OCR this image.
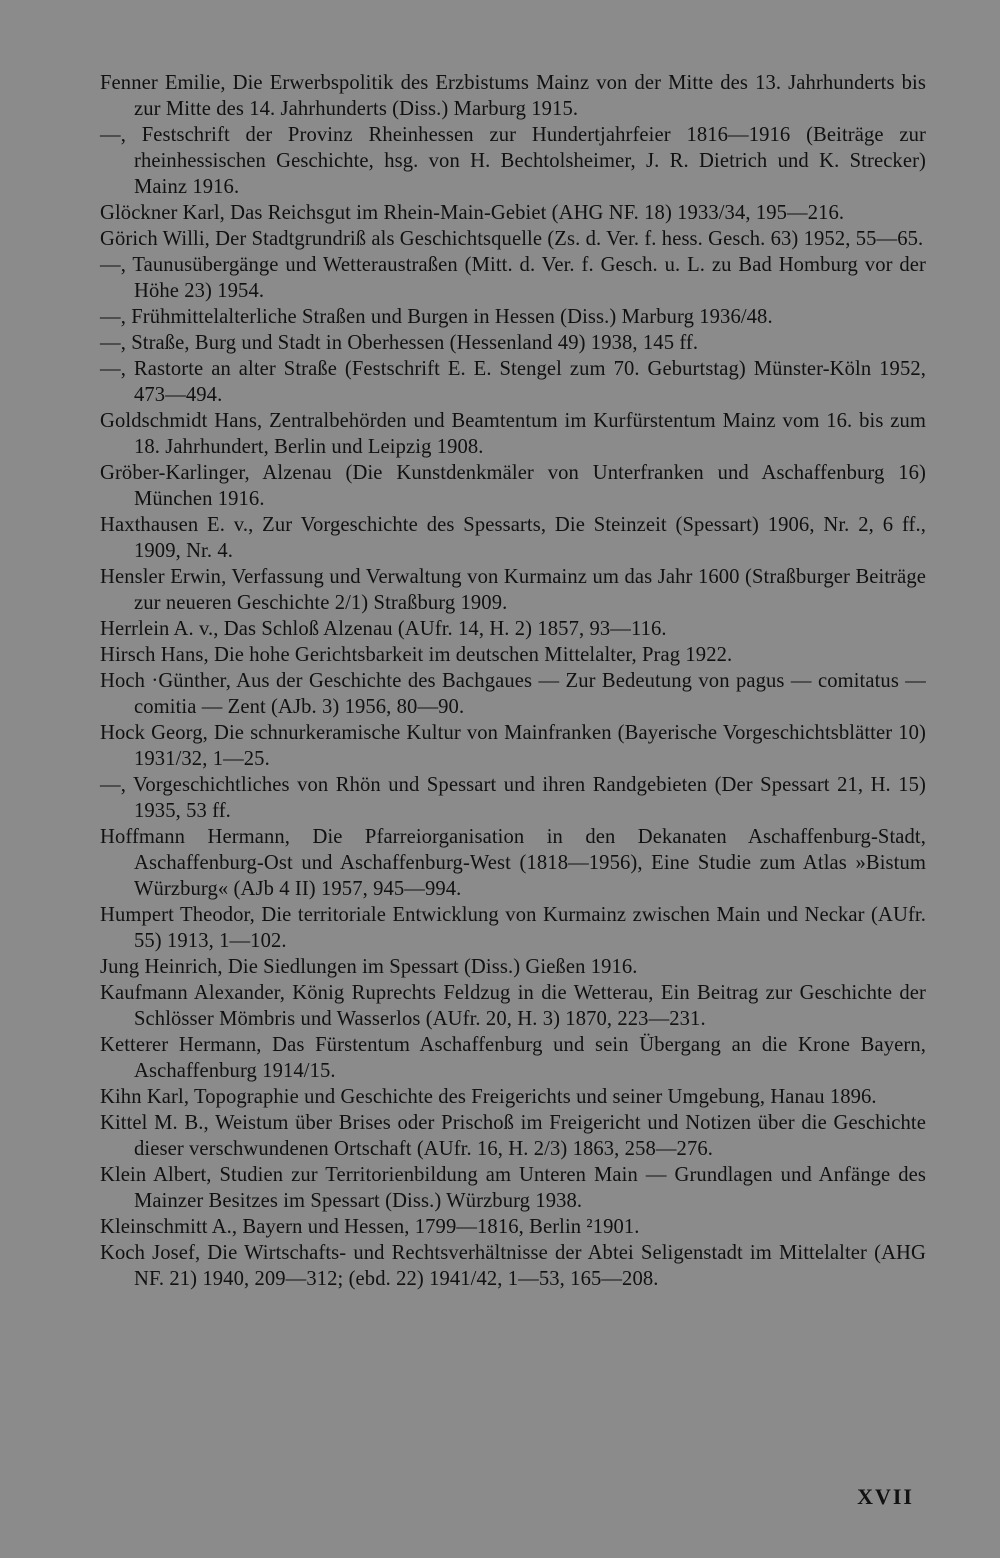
Fenner Emilie, Die Erwerbspolitik des Erzbistums Mainz von der Mitte des 13. Jahrhunderts bis zur Mitte des 14. Jahrhunderts (Diss.) Marburg 1915.
—, Festschrift der Provinz Rheinhessen zur Hundertjahrfeier 1816—1916 (Beiträge zur rheinhessischen Geschichte, hsg. von H. Bechtolsheimer, J. R. Dietrich und K. Strecker) Mainz 1916.
Glöckner Karl, Das Reichsgut im Rhein-Main-Gebiet (AHG NF. 18) 1933/34, 195—216.
Görich Willi, Der Stadtgrundriß als Geschichtsquelle (Zs. d. Ver. f. hess. Gesch. 63) 1952, 55—65.
—, Taunusübergänge und Wetteraustraßen (Mitt. d. Ver. f. Gesch. u. L. zu Bad Homburg vor der Höhe 23) 1954.
—, Frühmittelalterliche Straßen und Burgen in Hessen (Diss.) Marburg 1936/48.
—, Straße, Burg und Stadt in Oberhessen (Hessenland 49) 1938, 145 ff.
—, Rastorte an alter Straße (Festschrift E. E. Stengel zum 70. Geburtstag) Münster-Köln 1952, 473—494.
Goldschmidt Hans, Zentralbehörden und Beamtentum im Kurfürstentum Mainz vom 16. bis zum 18. Jahrhundert, Berlin und Leipzig 1908.
Gröber-Karlinger, Alzenau (Die Kunstdenkmäler von Unterfranken und Aschaffenburg 16) München 1916.
Haxthausen E. v., Zur Vorgeschichte des Spessarts, Die Steinzeit (Spessart) 1906, Nr. 2, 6 ff., 1909, Nr. 4.
Hensler Erwin, Verfassung und Verwaltung von Kurmainz um das Jahr 1600 (Straßburger Beiträge zur neueren Geschichte 2/1) Straßburg 1909.
Herrlein A. v., Das Schloß Alzenau (AUfr. 14, H. 2) 1857, 93—116.
Hirsch Hans, Die hohe Gerichtsbarkeit im deutschen Mittelalter, Prag 1922.
Hoch ·Günther, Aus der Geschichte des Bachgaues — Zur Bedeutung von pagus — comitatus — comitia — Zent (AJb. 3) 1956, 80—90.
Hock Georg, Die schnurkeramische Kultur von Mainfranken (Bayerische Vorgeschichtsblätter 10) 1931/32, 1—25.
—, Vorgeschichtliches von Rhön und Spessart und ihren Randgebieten (Der Spessart 21, H. 15) 1935, 53 ff.
Hoffmann Hermann, Die Pfarreiorganisation in den Dekanaten Aschaffenburg-Stadt, Aschaffenburg-Ost und Aschaffenburg-West (1818—1956), Eine Studie zum Atlas »Bistum Würzburg« (AJb 4 II) 1957, 945—994.
Humpert Theodor, Die territoriale Entwicklung von Kurmainz zwischen Main und Neckar (AUfr. 55) 1913, 1—102.
Jung Heinrich, Die Siedlungen im Spessart (Diss.) Gießen 1916.
Kaufmann Alexander, König Ruprechts Feldzug in die Wetterau, Ein Beitrag zur Geschichte der Schlösser Mömbris und Wasserlos (AUfr. 20, H. 3) 1870, 223—231.
Ketterer Hermann, Das Fürstentum Aschaffenburg und sein Übergang an die Krone Bayern, Aschaffenburg 1914/15.
Kihn Karl, Topographie und Geschichte des Freigerichts und seiner Umgebung, Hanau 1896.
Kittel M. B., Weistum über Brises oder Prischoß im Freigericht und Notizen über die Geschichte dieser verschwundenen Ortschaft (AUfr. 16, H. 2/3) 1863, 258—276.
Klein Albert, Studien zur Territorienbildung am Unteren Main — Grundlagen und Anfänge des Mainzer Besitzes im Spessart (Diss.) Würzburg 1938.
Kleinschmitt A., Bayern und Hessen, 1799—1816, Berlin ²1901.
Koch Josef, Die Wirtschafts- und Rechtsverhältnisse der Abtei Seligenstadt im Mittelalter (AHG NF. 21) 1940, 209—312; (ebd. 22) 1941/42, 1—53, 165—208.
XVII
